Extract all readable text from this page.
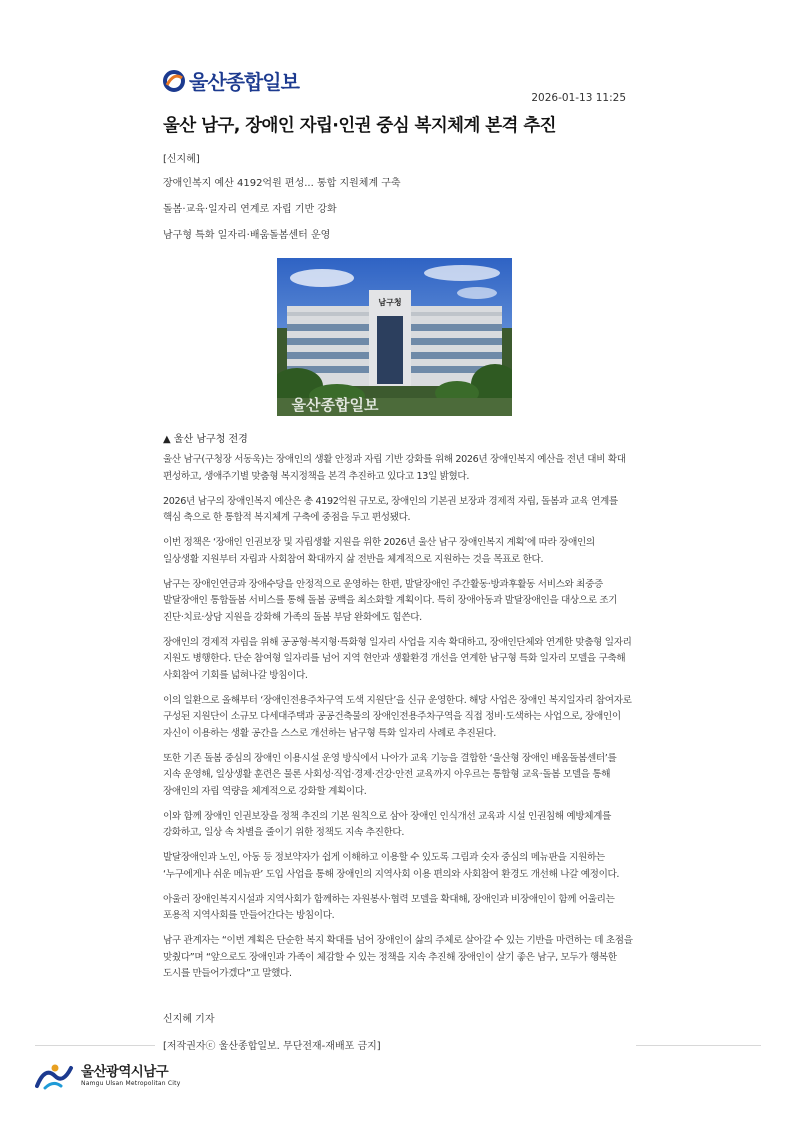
울산종합일보
2026-01-13 11:25
울산 남구, 장애인 자립·인권 중심 복지체계 본격 추진
[신지혜]
장애인복지 예산 4192억원 편성... 통합 지원체계 구축
돌봄·교육·일자리 연계로 자립 기반 강화
남구형 특화 일자리·배움돌봄센터 운영
남구청
울산종합일보
▲ 울산 남구청 전경

울산 남구(구청장 서동욱)는 장애인의 생활 안정과 자립 기반 강화를 위해 2026년 장애인복지 예산을 전년 대비 확대 편성하고, 생애주기별 맞춤형 복지정책을 본격 추진하고 있다고 13일 밝혔다.

2026년 남구의 장애인복지 예산은 총 4192억원 규모로, 장애인의 기본권 보장과 경제적 자립, 돌봄과 교육 연계를 핵심 축으로 한 통합적 복지체계 구축에 중점을 두고 편성됐다.

이번 정책은 ‘장애인 인권보장 및 자립생활 지원을 위한 2026년 울산 남구 장애인복지 계획’에 따라 장애인의 일상생활 지원부터 자립과 사회참여 확대까지 삶 전반을 체계적으로 지원하는 것을 목표로 한다.

남구는 장애인연금과 장애수당을 안정적으로 운영하는 한편, 발달장애인 주간활동·방과후활동 서비스와 최중증 발달장애인 통합돌봄 서비스를 통해 돌봄 공백을 최소화할 계획이다. 특히 장애아동과 발달장애인을 대상으로 조기 진단·치료·상담 지원을 강화해 가족의 돌봄 부담 완화에도 힘쓴다.

장애인의 경제적 자립을 위해 공공형·복지형·특화형 일자리 사업을 지속 확대하고, 장애인단체와 연계한 맞춤형 일자리 지원도 병행한다. 단순 참여형 일자리를 넘어 지역 현안과 생활환경 개선을 연계한 남구형 특화 일자리 모델을 구축해 사회참여 기회를 넓혀나갈 방침이다.

이의 일환으로 올해부터 ‘장애인전용주차구역 도색 지원단’을 신규 운영한다. 해당 사업은 장애인 복지일자리 참여자로 구성된 지원단이 소규모 다세대주택과 공공건축물의 장애인전용주차구역을 직접 정비·도색하는 사업으로, 장애인이 자신이 이용하는 생활 공간을 스스로 개선하는 남구형 특화 일자리 사례로 추진된다.

또한 기존 돌봄 중심의 장애인 이용시설 운영 방식에서 나아가 교육 기능을 결합한 ‘울산형 장애인 배움돌봄센터’를 지속 운영해, 일상생활 훈련은 물론 사회성·직업·경제·건강·안전 교육까지 아우르는 통합형 교육·돌봄 모델을 통해 장애인의 자립 역량을 체계적으로 강화할 계획이다.

이와 함께 장애인 인권보장을 정책 추진의 기본 원칙으로 삼아 장애인 인식개선 교육과 시설 인권침해 예방체계를 강화하고, 일상 속 차별을 줄이기 위한 정책도 지속 추진한다.

발달장애인과 노인, 아동 등 정보약자가 쉽게 이해하고 이용할 수 있도록 그림과 숫자 중심의 메뉴판을 지원하는 ‘누구에게나 쉬운 메뉴판’ 도입 사업을 통해 장애인의 지역사회 이용 편의와 사회참여 환경도 개선해 나갈 예정이다.

아울러 장애인복지시설과 지역사회가 함께하는 자원봉사·협력 모델을 확대해, 장애인과 비장애인이 함께 어울리는 포용적 지역사회를 만들어간다는 방침이다.

남구 관계자는 “이번 계획은 단순한 복지 확대를 넘어 장애인이 삶의 주체로 살아갈 수 있는 기반을 마련하는 데 초점을 맞췄다”며 “앞으로도 장애인과 가족이 체감할 수 있는 정책을 지속 추진해 장애인이 살기 좋은 남구, 모두가 행복한 도시를 만들어가겠다”고 말했다.

신지혜 기자
[저작권자ⓒ 울산종합일보. 무단전재-재배포 금지]
울산광역시남구
Namgu Ulsan Metropolitan City
